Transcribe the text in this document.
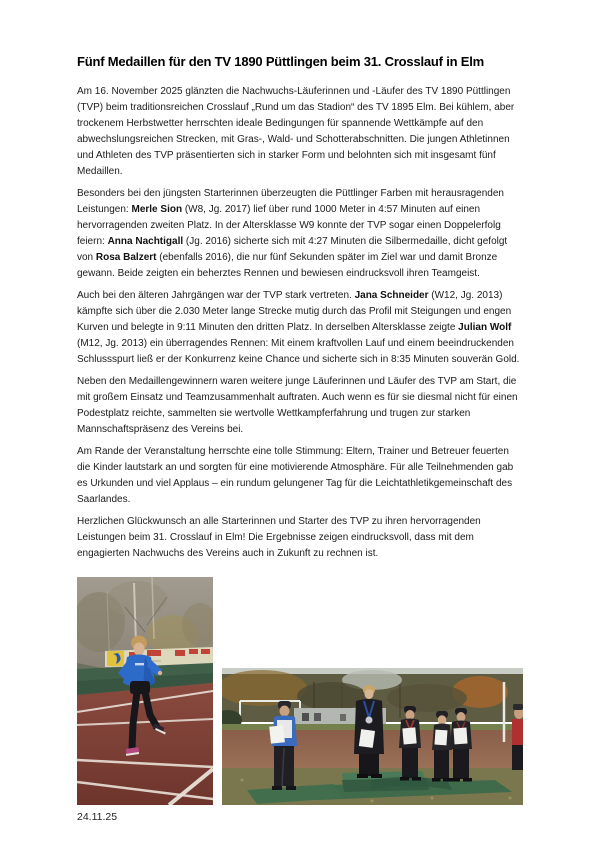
Fünf Medaillen für den TV 1890 Püttlingen beim 31. Crosslauf in Elm

Am 16. November 2025 glänzten die Nachwuchs-Läuferinnen und -Läufer des TV 1890 Püttlingen (TVP) beim traditionsreichen Crosslauf „Rund um das Stadion“ des TV 1895 Elm. Bei kühlem, aber trockenem Herbstwetter herrschten ideale Bedingungen für spannende Wettkämpfe auf den abwechslungsreichen Strecken, mit Gras-, Wald- und Schotterabschnitten. Die jungen Athletinnen und Athleten des TVP präsentierten sich in starker Form und belohnten sich mit insgesamt fünf Medaillen.

Besonders bei den jüngsten Starterinnen überzeugten die Püttlinger Farben mit herausragenden Leistungen: Merle Sion (W8, Jg. 2017) lief über rund 1000 Meter in 4:57 Minuten auf einen hervorragenden zweiten Platz. In der Altersklasse W9 konnte der TVP sogar einen Doppelerfolg feiern: Anna Nachtigall (Jg. 2016) sicherte sich mit 4:27 Minuten die Silbermedaille, dicht gefolgt von Rosa Balzert (ebenfalls 2016), die nur fünf Sekunden später im Ziel war und damit Bronze gewann. Beide zeigten ein beherztes Rennen und bewiesen eindrucksvoll ihren Teamgeist.

Auch bei den älteren Jahrgängen war der TVP stark vertreten. Jana Schneider (W12, Jg. 2013) kämpfte sich über die 2.030 Meter lange Strecke mutig durch das Profil mit Steigungen und engen Kurven und belegte in 9:11 Minuten den dritten Platz. In derselben Altersklasse zeigte Julian Wolf (M12, Jg. 2013) ein überragendes Rennen: Mit einem kraftvollen Lauf und einem beeindruckenden Schlussspurt ließ er der Konkurrenz keine Chance und sicherte sich in 8:35 Minuten souverän Gold.

Neben den Medaillengewinnern waren weitere junge Läuferinnen und Läufer des TVP am Start, die mit großem Einsatz und Teamzusammenhalt auftraten. Auch wenn es für sie diesmal nicht für einen Podestplatz reichte, sammelten sie wertvolle Wettkampferfahrung und trugen zur starken Mannschaftspräsenz des Vereins bei.

Am Rande der Veranstaltung herrschte eine tolle Stimmung: Eltern, Trainer und Betreuer feuerten die Kinder lautstark an und sorgten für eine motivierende Atmosphäre. Für alle Teilnehmenden gab es Urkunden und viel Applaus – ein rundum gelungener Tag für die Leichtathletikgemeinschaft des Saarlandes.

Herzlichen Glückwunsch an alle Starterinnen und Starter des TVP zu ihren hervorragenden Leistungen beim 31. Crosslauf in Elm! Die Ergebnisse zeigen eindrucksvoll, dass mit dem engagierten Nachwuchs des Vereins auch in Zukunft zu rechnen ist.

24.11.25
